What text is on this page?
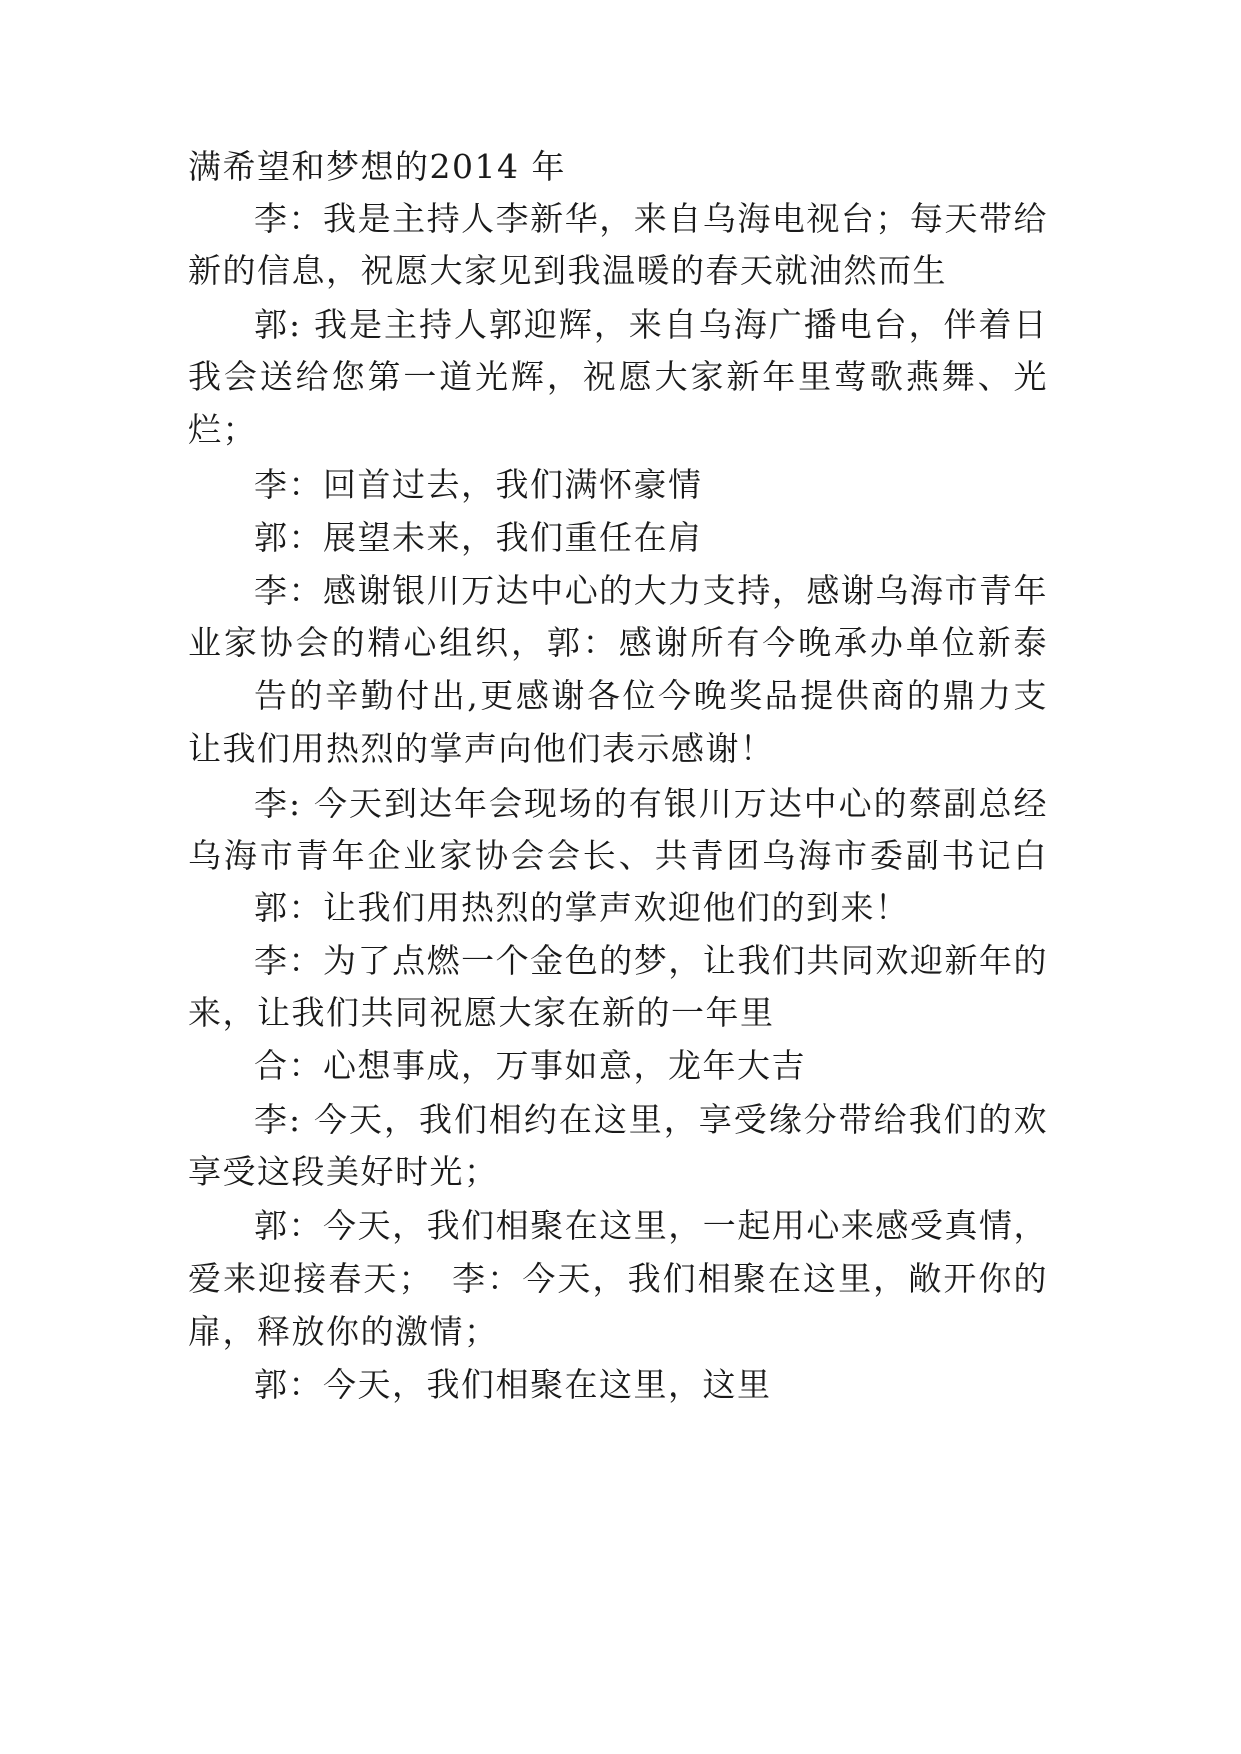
满希望和梦想的2014 年
李：我是主持人李新华，来自乌海电视台；每天带给
新的信息，祝愿大家见到我温暖的春天就油然而生
郭: 我是主持人郭迎辉，来自乌海广播电台，伴着日
我会送给您第一道光辉，祝愿大家新年里莺歌燕舞、光
烂；
李：回首过去，我们满怀豪情
郭：展望未来，我们重任在肩
李：感谢银川万达中心的大力支持，感谢乌海市青年
业家协会的精心组织，郭：感谢所有今晚承办单位新泰
告的辛勤付出,更感谢各位今晚奖品提供商的鼎力支
让我们用热烈的掌声向他们表示感谢！
李: 今天到达年会现场的有银川万达中心的蔡副总经
乌海市青年企业家协会会长、共青团乌海市委副书记白
郭：让我们用热烈的掌声欢迎他们的到来！
李：为了点燃一个金色的梦，让我们共同欢迎新年的
来，让我们共同祝愿大家在新的一年里
合：心想事成，万事如意，龙年大吉
李: 今天，我们相约在这里，享受缘分带给我们的欢
享受这段美好时光；
郭：今天，我们相聚在这里，一起用心来感受真情，
爱来迎接春天；　李：今天，我们相聚在这里，敞开你的
扉，释放你的激情；
郭：今天，我们相聚在这里，这里
